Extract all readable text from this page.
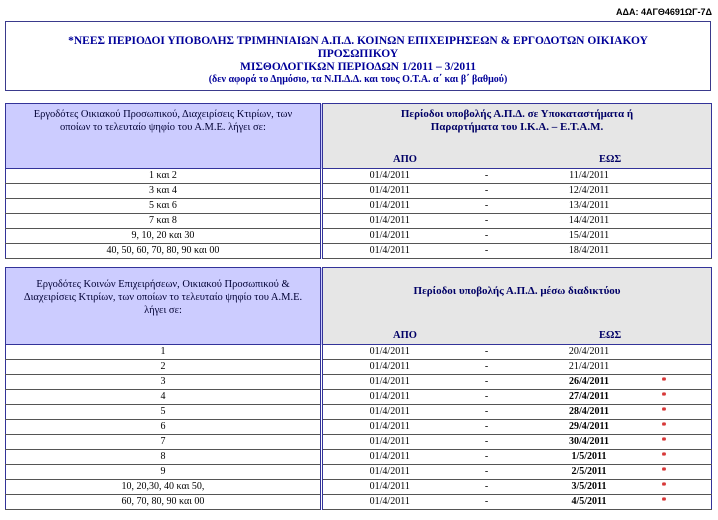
ΑΔΑ: 4ΑΓΘ4691ΩΓ-7Δ
*ΝΕΕΣ ΠΕΡΙΟΔΟΙ ΥΠΟΒΟΛΗΣ ΤΡΙΜΗΝΙΑΙΩΝ Α.Π.Δ. ΚΟΙΝΩΝ ΕΠΙΧΕΙΡΗΣΕΩΝ & ΕΡΓΟΔΟΤΩΝ ΟΙΚΙΑΚΟΥ ΠΡΟΣΩΠΙΚΟΥ
ΜΙΣΘΟΛΟΓΙΚΩΝ ΠΕΡΙΟΔΩΝ 1/2011 – 3/2011
(δεν αφορά το Δημόσιο, τα Ν.Π.Δ.Δ. και τους Ο.Τ.Α. α΄ και β΄ βαθμού)
Εργοδότες Οικιακού Προσωπικού, Διαχειρίσεις Κτιρίων, των οποίων το τελευταίο ψηφίο του Α.Μ.Ε. λήγει σε:	Περίοδοι υποβολής Α.Π.Δ. σε Υποκαταστήματα ή Παραρτήματα του Ι.Κ.Α. – Ε.Τ.Α.Μ.
ΑΠΟ ΕΩΣ			

1 και 2	01/4/2011	-	11/4/2011	
3 και 4	01/4/2011	-	12/4/2011	
5 και 6	01/4/2011	-	13/4/2011	
7 και 8	01/4/2011	-	14/4/2011	
9, 10, 20 και 30	01/4/2011	-	15/4/2011	
40, 50, 60, 70, 80, 90 και 00	01/4/2011	-	18/4/2011	
Εργοδότες Κοινών Επιχειρήσεων, Οικιακού Προσωπικού & Διαχειρίσεις Κτιρίων, των οποίων το τελευταίο ψηφίο του Α.Μ.Ε. λήγει σε:	Περίοδοι υποβολής Α.Π.Δ. μέσω διαδικτύου
ΑΠΟ ΕΩΣ			

1	01/4/2011	-	20/4/2011	
2	01/4/2011	-	21/4/2011	
3	01/4/2011	-	26/4/2011	*
4	01/4/2011	-	27/4/2011	*
5	01/4/2011	-	28/4/2011	*
6	01/4/2011	-	29/4/2011	*
7	01/4/2011	-	30/4/2011	*
8	01/4/2011	-	1/5/2011	*
9	01/4/2011	-	2/5/2011	*
10, 20,30, 40 και 50,	01/4/2011	-	3/5/2011	*
60, 70, 80, 90 και 00	01/4/2011	-	4/5/2011	*
